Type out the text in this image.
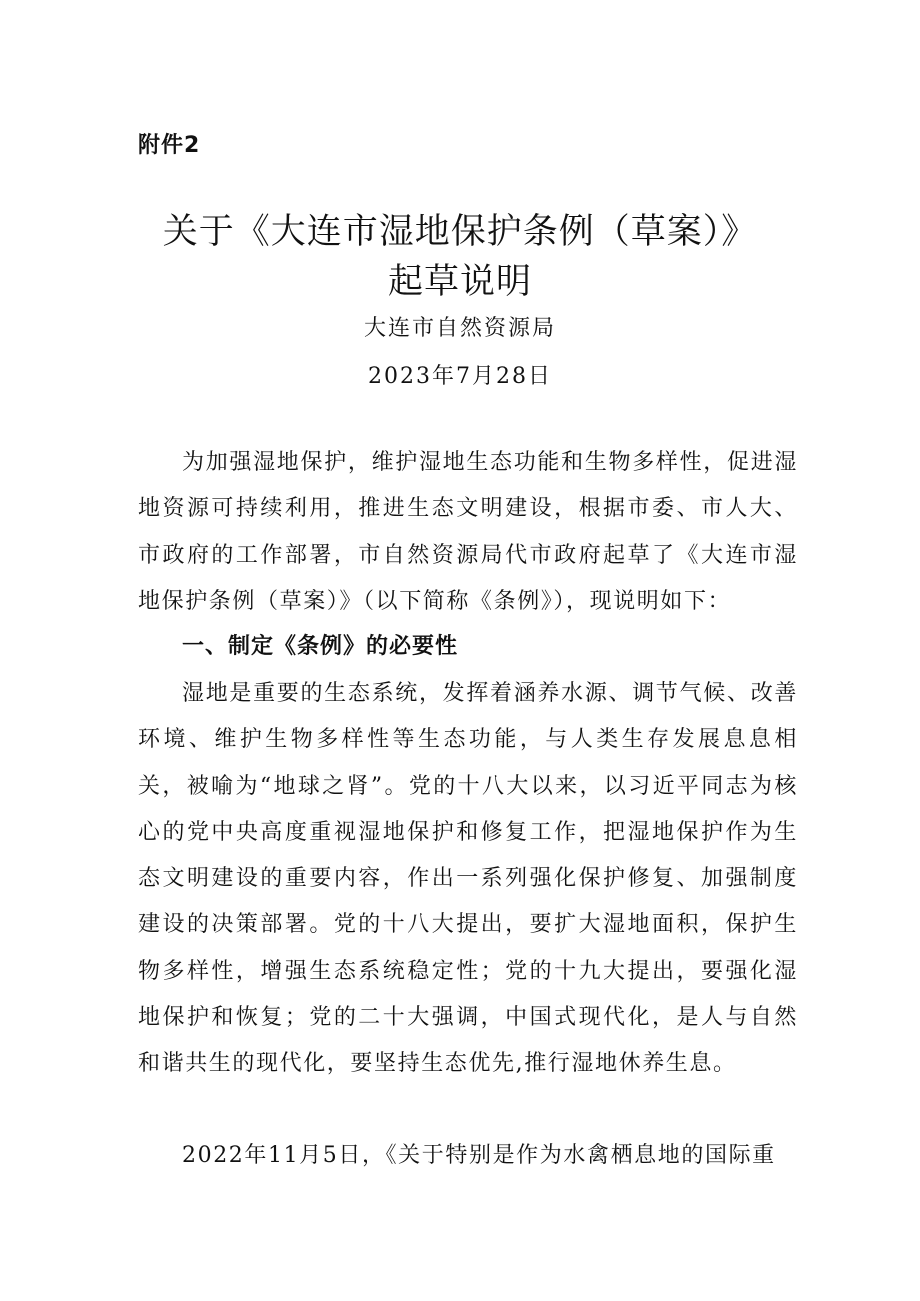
附件2
关于《大连市湿地保护条例（草案）》
起草说明
大连市自然资源局
2023年7月28日

为加强湿地保护，维护湿地生态功能和生物多样性，促进湿地资源可持续利用，推进生态文明建设，根据市委、市人大、市政府的工作部署，市自然资源局代市政府起草了《大连市湿地保护条例（草案）》（以下简称《条例》），现说明如下：

一、制定《条例》的必要性

湿地是重要的生态系统，发挥着涵养水源、调节气候、改善环境、维护生物多样性等生态功能，与人类生存发展息息相关，被喻为“地球之肾”。党的十八大以来，以习近平同志为核心的党中央高度重视湿地保护和修复工作，把湿地保护作为生态文明建设的重要内容，作出一系列强化保护修复、加强制度建设的决策部署。党的十八大提出，要扩大湿地面积，保护生物多样性，增强生态系统稳定性；党的十九大提出，要强化湿地保护和恢复；党的二十大强调，中国式现代化，是人与自然和谐共生的现代化，要坚持生态优先,推行湿地休养生息。

2022年11月5日，《关于特别是作为水禽栖息地的国际重
